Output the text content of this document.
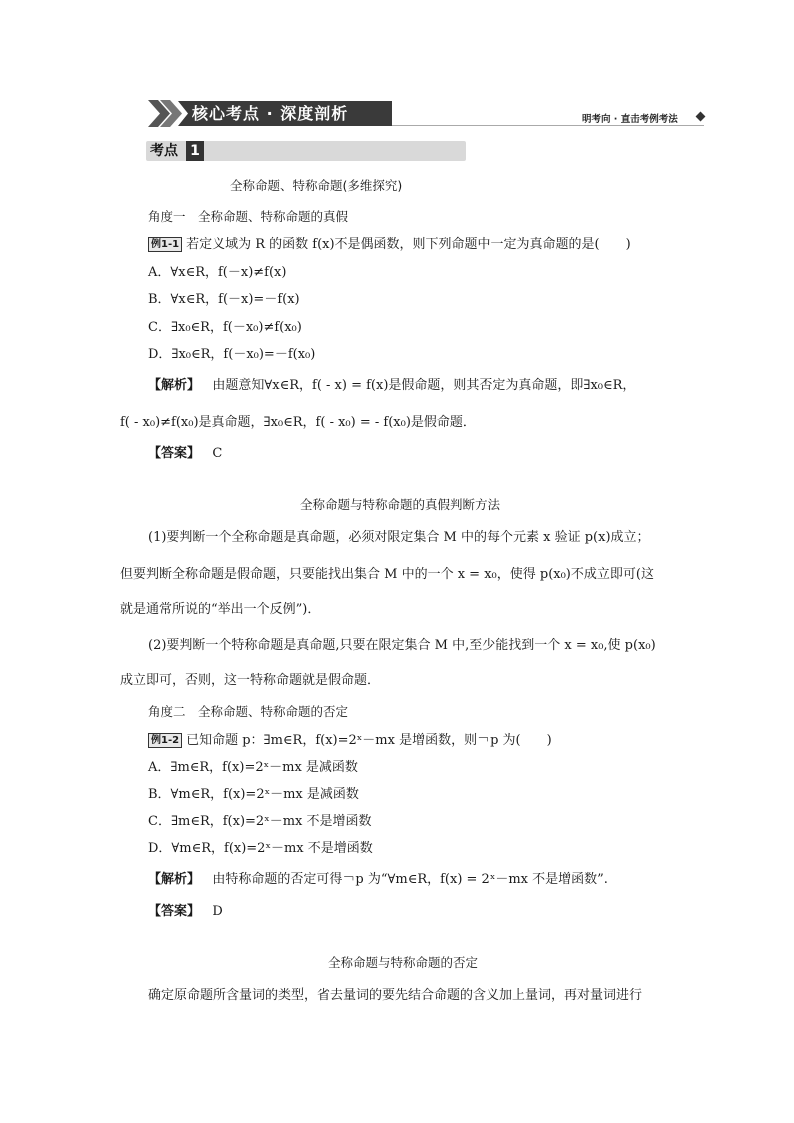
核心考点 · 深度剖析	明考向 · 直击考例考法
考点 1
全称命题、特称命题(多维探究)
角度一　全称命题、特称命题的真假
例1-1 若定义域为 R 的函数 f(x)不是偶函数，则下列命题中一定为真命题的是(　　)
A．∀x∈R，f(－x)≠f(x)
B．∀x∈R，f(－x)=－f(x)
C．∃x₀∈R，f(－x₀)≠f(x₀)
D．∃x₀∈R，f(－x₀)=－f(x₀)
【解析】 由题意知∀x∈R，f( - x) = f(x)是假命题，则其否定为真命题，即∃x₀∈R，
f( - x₀)≠f(x₀)是真命题，∃x₀∈R，f( - x₀) = - f(x₀)是假命题．
【答案】 C
全称命题与特称命题的真假判断方法
(1)要判断一个全称命题是真命题，必须对限定集合 M 中的每个元素 x 验证 p(x)成立；
但要判断全称命题是假命题，只要能找出集合 M 中的一个 x = x₀，使得 p(x₀)不成立即可(这
就是通常所说的“举出一个反例”)．
(2)要判断一个特称命题是真命题,只要在限定集合 M 中,至少能找到一个 x = x₀,使 p(x₀)
成立即可，否则，这一特称命题就是假命题．
角度二　全称命题、特称命题的否定
例1-2 已知命题 p：∃m∈R，f(x)=2ˣ－mx 是增函数，则￢p 为(　　)
A．∃m∈R，f(x)=2ˣ－mx 是减函数
B．∀m∈R，f(x)=2ˣ－mx 是减函数
C．∃m∈R，f(x)=2ˣ－mx 不是增函数
D．∀m∈R，f(x)=2ˣ－mx 不是增函数
【解析】 由特称命题的否定可得￢p 为“∀m∈R，f(x) = 2ˣ－mx 不是增函数”.
【答案】 D
全称命题与特称命题的否定
确定原命题所含量词的类型，省去量词的要先结合命题的含义加上量词，再对量词进行
